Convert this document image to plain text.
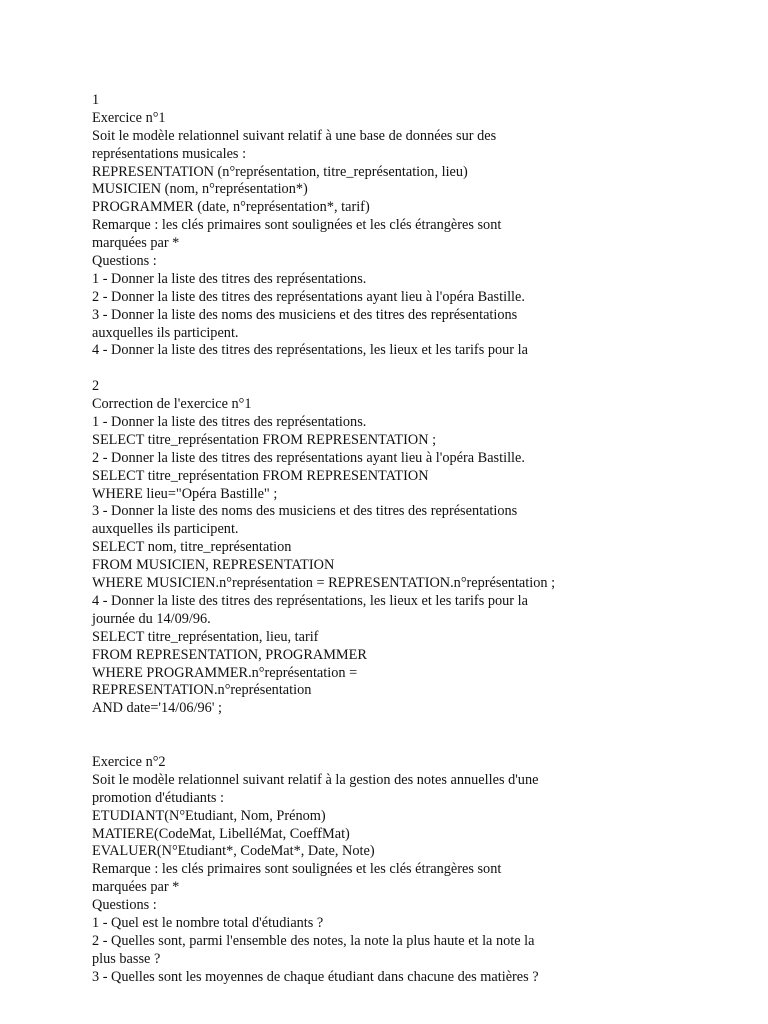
1
Exercice n°1
Soit le modèle relationnel suivant relatif à une base de données sur des
représentations musicales :
REPRESENTATION (n°représentation, titre_représentation, lieu)
MUSICIEN (nom, n°représentation*)
PROGRAMMER (date, n°représentation*, tarif)
Remarque : les clés primaires sont soulignées et les clés étrangères sont
marquées par *
Questions :
1 - Donner la liste des titres des représentations.
2 - Donner la liste des titres des représentations ayant lieu à l'opéra Bastille.
3 - Donner la liste des noms des musiciens et des titres des représentations
auxquelles ils participent.
4 - Donner la liste des titres des représentations, les lieux et les tarifs pour la
2
Correction de l'exercice n°1
1 - Donner la liste des titres des représentations.
SELECT titre_représentation FROM REPRESENTATION ;
2 - Donner la liste des titres des représentations ayant lieu à l'opéra Bastille.
SELECT titre_représentation FROM REPRESENTATION
WHERE lieu="Opéra Bastille" ;
3 - Donner la liste des noms des musiciens et des titres des représentations
auxquelles ils participent.
SELECT nom, titre_représentation
FROM MUSICIEN, REPRESENTATION
WHERE MUSICIEN.n°représentation = REPRESENTATION.n°représentation ;
4 - Donner la liste des titres des représentations, les lieux et les tarifs pour la
journée du 14/09/96.
SELECT titre_représentation, lieu, tarif
FROM REPRESENTATION, PROGRAMMER
WHERE PROGRAMMER.n°représentation =
REPRESENTATION.n°représentation
AND date='14/06/96' ;
Exercice n°2
Soit le modèle relationnel suivant relatif à la gestion des notes annuelles d'une
promotion d'étudiants :
ETUDIANT(N°Etudiant, Nom, Prénom)
MATIERE(CodeMat, LibelléMat, CoeffMat)
EVALUER(N°Etudiant*, CodeMat*, Date, Note)
Remarque : les clés primaires sont soulignées et les clés étrangères sont
marquées par *
Questions :
1 - Quel est le nombre total d'étudiants ?
2 - Quelles sont, parmi l'ensemble des notes, la note la plus haute et la note la
plus basse ?
3 - Quelles sont les moyennes de chaque étudiant dans chacune des matières ?
